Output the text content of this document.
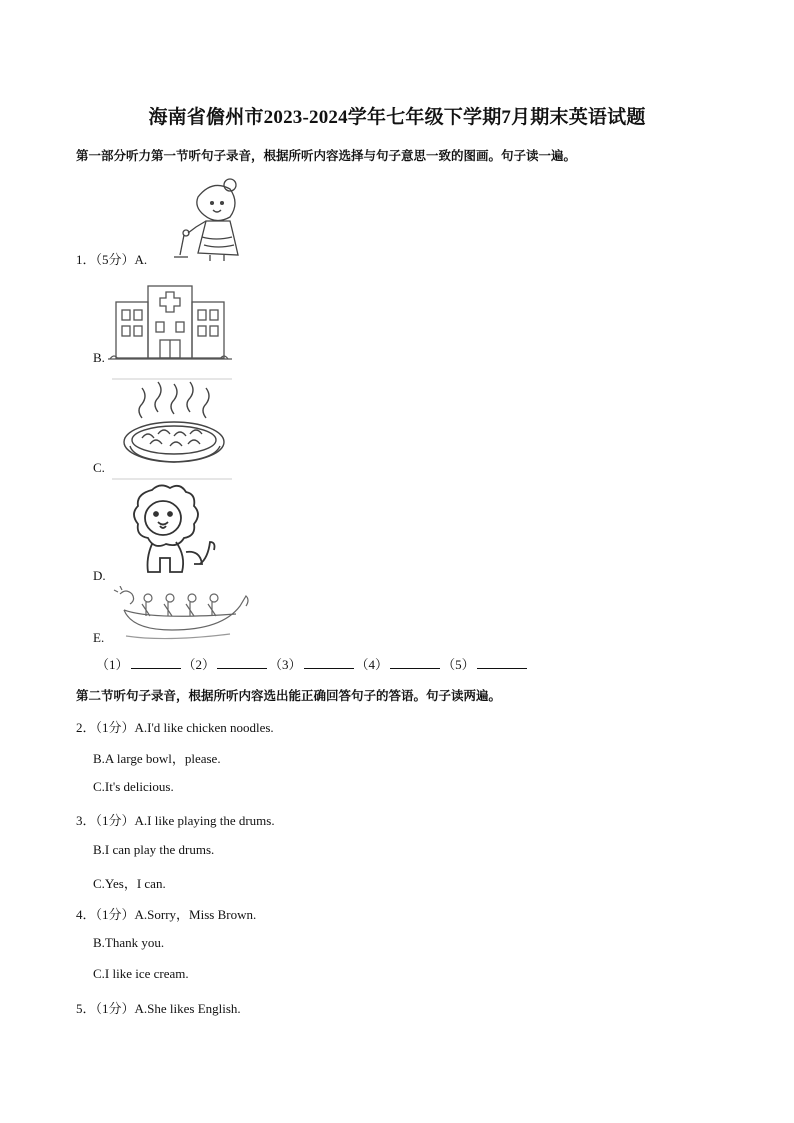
海南省儋州市2023-2024学年七年级下学期7月期末英语试题
第一部分听力第一节听句子录音，根据所听内容选择与句子意思一致的图画。句子读一遍。
1．（5分）A.
B.
C.
D.
E.
（1）	（2）	（3）	（4）	（5）
第二节听句子录音，根据所听内容选出能正确回答句子的答语。句子读两遍。
2．（1分）A.I'd like chicken noodles.
B.A large bowl，please.
C.It's delicious.
3．（1分）A.I like playing the drums.
B.I can play the drums.
C.Yes，I can.
4．（1分）A.Sorry，Miss Brown.
B.Thank you.
C.I like ice cream.
5．（1分）A.She likes English.
